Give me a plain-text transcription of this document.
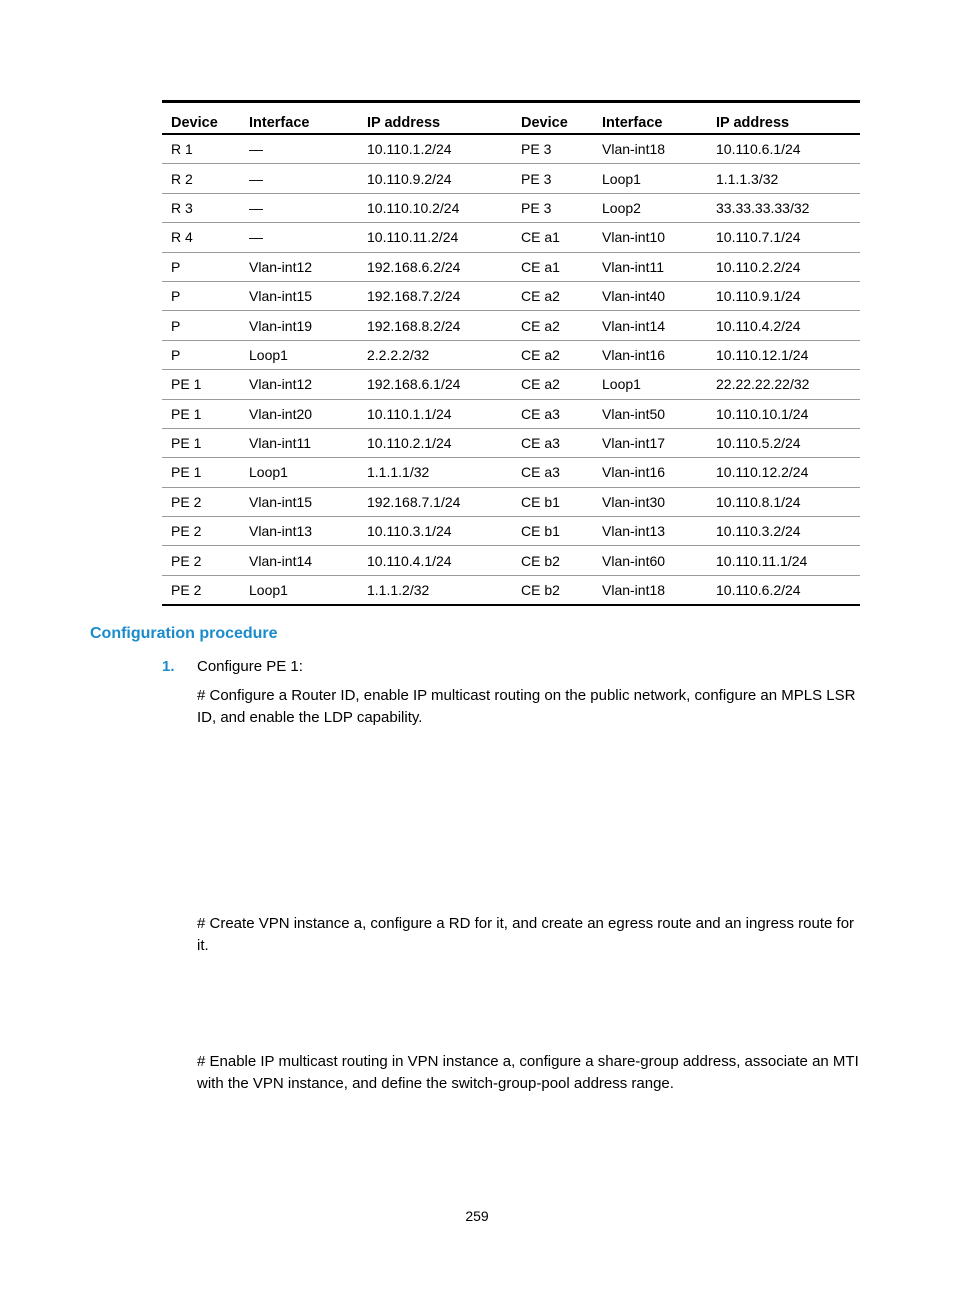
Device	Interface	IP address	Device	Interface	IP address
R 1	—	10.110.1.2/24	PE 3	Vlan-int18	10.110.6.1/24
R 2	—	10.110.9.2/24	PE 3	Loop1	1.1.1.3/32
R 3	—	10.110.10.2/24	PE 3	Loop2	33.33.33.33/32
R 4	—	10.110.11.2/24	CE a1	Vlan-int10	10.110.7.1/24
P	Vlan-int12	192.168.6.2/24	CE a1	Vlan-int11	10.110.2.2/24
P	Vlan-int15	192.168.7.2/24	CE a2	Vlan-int40	10.110.9.1/24
P	Vlan-int19	192.168.8.2/24	CE a2	Vlan-int14	10.110.4.2/24
P	Loop1	2.2.2.2/32	CE a2	Vlan-int16	10.110.12.1/24
PE 1	Vlan-int12	192.168.6.1/24	CE a2	Loop1	22.22.22.22/32
PE 1	Vlan-int20	10.110.1.1/24	CE a3	Vlan-int50	10.110.10.1/24
PE 1	Vlan-int11	10.110.2.1/24	CE a3	Vlan-int17	10.110.5.2/24
PE 1	Loop1	1.1.1.1/32	CE a3	Vlan-int16	10.110.12.2/24
PE 2	Vlan-int15	192.168.7.1/24	CE b1	Vlan-int30	10.110.8.1/24
PE 2	Vlan-int13	10.110.3.1/24	CE b1	Vlan-int13	10.110.3.2/24
PE 2	Vlan-int14	10.110.4.1/24	CE b2	Vlan-int60	10.110.11.1/24
PE 2	Loop1	1.1.1.2/32	CE b2	Vlan-int18	10.110.6.2/24
Configuration procedure
1. Configure PE 1:
# Configure a Router ID, enable IP multicast routing on the public network, configure an MPLS LSR ID, and enable the LDP capability.
# Create VPN instance a, configure a RD for it, and create an egress route and an ingress route for it.
# Enable IP multicast routing in VPN instance a, configure a share-group address, associate an MTI with the VPN instance, and define the switch-group-pool address range.
259
